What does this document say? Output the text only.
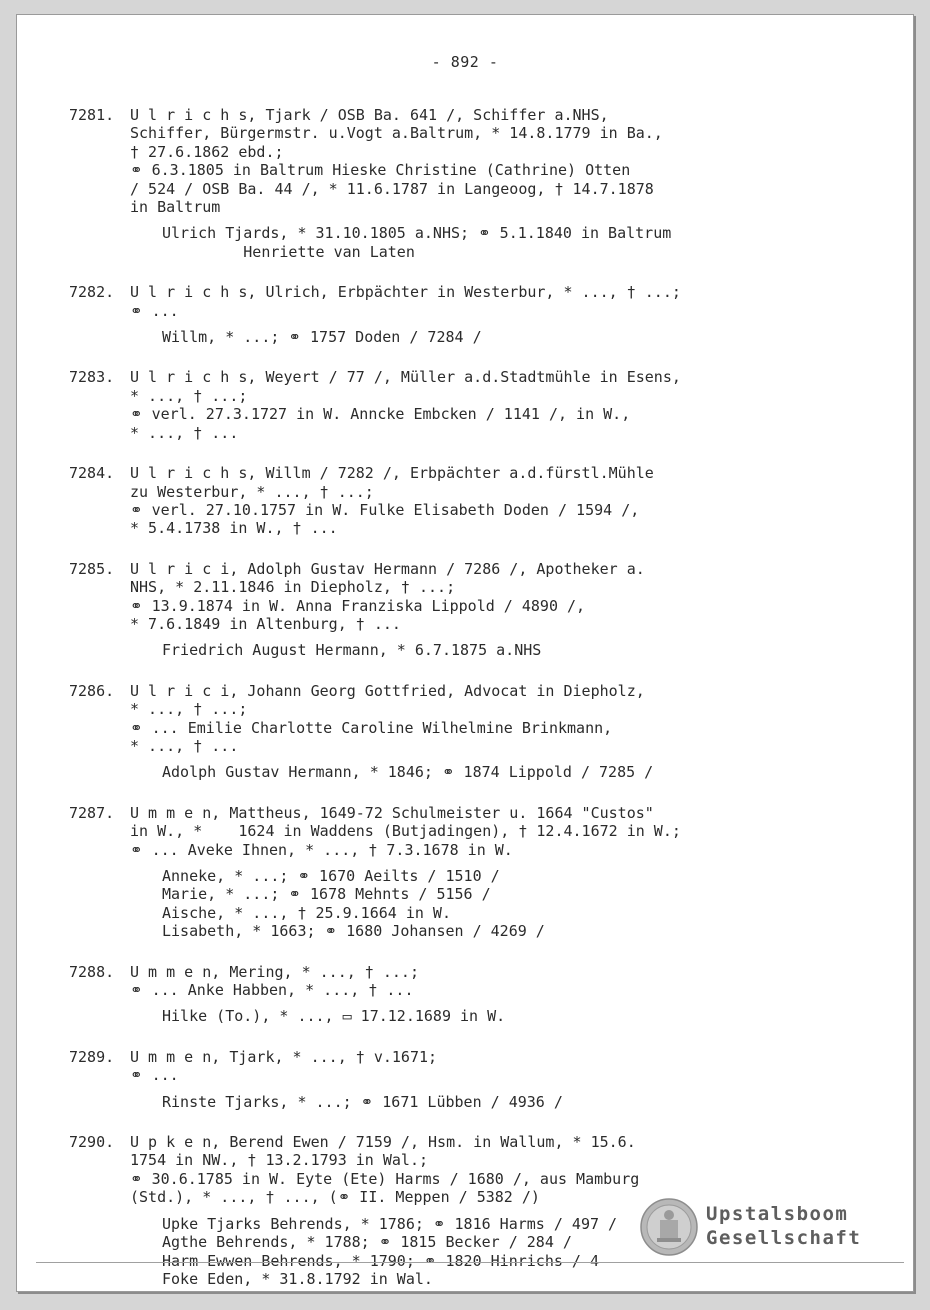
- 892 -
7281.	U l r i c h s, Tjark / OSB Ba. 641 /, Schiffer a.NHS,
Schiffer, Bürgermstr. u.Vogt a.Baltrum, * 14.8.1779 in Ba.,
† 27.6.1862 ebd.;
⚭ 6.3.1805 in Baltrum Hieske Christine (Cathrine) Otten
/ 524 / OSB Ba. 44 /, * 11.6.1787 in Langeoog, † 14.7.1878
in Baltrum
Ulrich Tjards, * 31.10.1805 a.NHS; ⚭ 5.1.1840 in Baltrum
Henriette van Laten
7282.	U l r i c h s, Ulrich, Erbpächter in Westerbur, * ..., † ...;
⚭ ...
Willm, * ...; ⚭ 1757 Doden / 7284 /
7283.	U l r i c h s, Weyert / 77 /, Müller a.d.Stadtmühle in Esens,
* ..., † ...;
⚭ verl. 27.3.1727 in W. Anncke Embcken / 1141 /, in W.,
* ..., † ...
7284.	U l r i c h s, Willm / 7282 /, Erbpächter a.d.fürstl.Mühle
zu Westerbur, * ..., † ...;
⚭ verl. 27.10.1757 in W. Fulke Elisabeth Doden / 1594 /,
* 5.4.1738 in W., † ...
7285.	U l r i c i, Adolph Gustav Hermann / 7286 /, Apotheker a.
NHS, * 2.11.1846 in Diepholz, † ...;
⚭ 13.9.1874 in W. Anna Franziska Lippold / 4890 /,
* 7.6.1849 in Altenburg, † ...
Friedrich August Hermann, * 6.7.1875 a.NHS
7286.	U l r i c i, Johann Georg Gottfried, Advocat in Diepholz,
* ..., † ...;
⚭ ... Emilie Charlotte Caroline Wilhelmine Brinkmann,
* ..., † ...
Adolph Gustav Hermann, * 1846; ⚭ 1874 Lippold / 7285 /
7287.	U m m e n, Mattheus, 1649-72 Schulmeister u. 1664 "Custos"
in W., *    1624 in Waddens (Butjadingen), † 12.4.1672 in W.;
⚭ ... Aveke Ihnen, * ..., † 7.3.1678 in W.
Anneke, * ...; ⚭ 1670 Aeilts / 1510 /
Marie, * ...; ⚭ 1678 Mehnts / 5156 /
Aische, * ..., † 25.9.1664 in W.
Lisabeth, * 1663; ⚭ 1680 Johansen / 4269 /
7288.	U m m e n, Mering, * ..., † ...;
⚭ ... Anke Habben, * ..., † ...
Hilke (To.), * ..., ▭ 17.12.1689 in W.
7289.	U m m e n, Tjark, * ..., † v.1671;
⚭ ...
Rinste Tjarks, * ...; ⚭ 1671 Lübben / 4936 /
7290.	U p k e n, Berend Ewen / 7159 /, Hsm. in Wallum, * 15.6.
1754 in NW., † 13.2.1793 in Wal.;
⚭ 30.6.1785 in W. Eyte (Ete) Harms / 1680 /, aus Mamburg
(Std.), * ..., † ..., (⚭ II. Meppen / 5382 /)
Upke Tjarks Behrends, * 1786; ⚭ 1816 Harms / 497 /
Agthe Behrends, * 1788; ⚭ 1815 Becker / 284 /
Harm Ewwen Behrends, * 1790; ⚭ 1820 Hinrichs / 4
Foke Eden, * 31.8.1792 in Wal.
Upstalsboom
Gesellschaft
